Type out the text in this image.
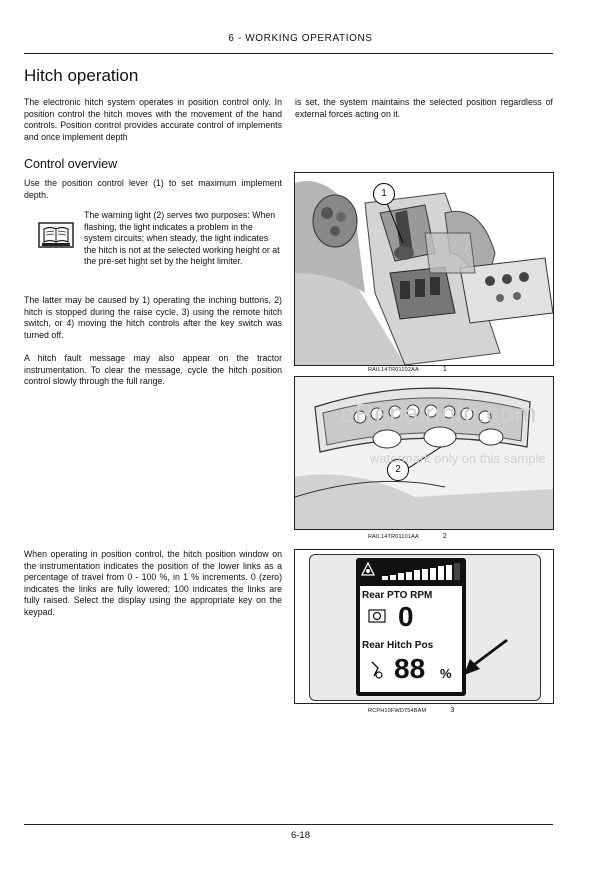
6 - WORKING OPERATIONS
Hitch operation

The electronic hitch system operates in position control only. In position control the hitch moves with the movement of the hand controls. Position control provides accurate control of implements and once implement depth

is set, the system maintains the selected position regardless of external forces acting on it.

Control overview

Use the position control lever (1) to set maximum implement depth.

The warning light (2) serves two purposes: When flashing, the light indicates a problem in the system circuits; when steady, the light indicates the hitch is not at the selected working height or at the pre-set hight set by the height limiter.

The latter may be caused by 1) operating the inching buttons, 2) hitch is stopped during the raise cycle, 3) using the remote hitch switch, or 4) moving the hitch controls after the key switch was turned off.

A hitch fault message may also appear on the tractor instrumentation. To clear the message, cycle the hitch position control slowly through the full range.

When operating in position control, the hitch position window on the instrumentation indicates the position of the lower links as a percentage of travel from 0 - 100 %, in 1 % increments. 0 (zero) indicates the links are fully lowered; 100 indicates the links are fully raised. Select the display using the appropriate key on the keypad.

1
RAIL14TR01102AA	1
2
RAIL14TR01101AA	2
Rear PTO RPM
0
Rear Hitch Pos
88 %
RCPH10FWD754BAM	3
eRepairinfo.com
watermark only on this sample
6-18
